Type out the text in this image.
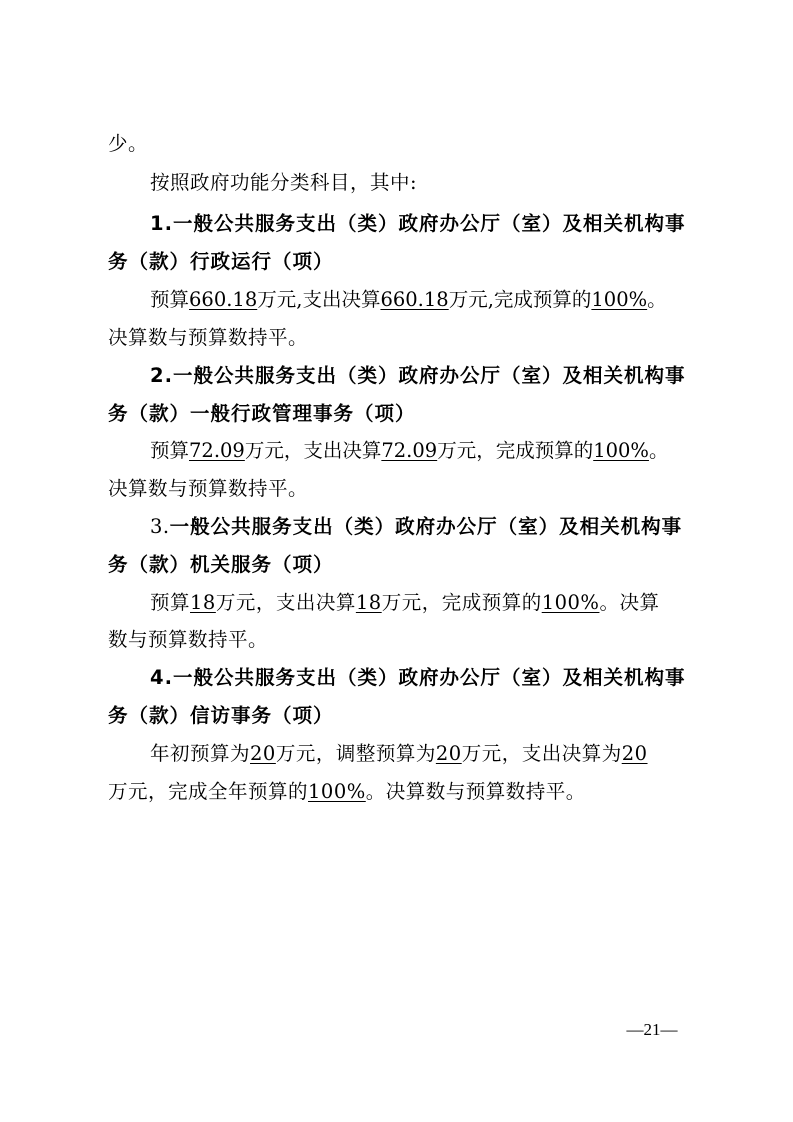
少。
按照政府功能分类科目，其中:
1.一般公共服务支出（类）政府办公厅（室）及相关机构事
务（款）行政运行（项）
预算660.18万元,支出决算660.18万元,完成预算的100%。
决算数与预算数持平。
2.一般公共服务支出（类）政府办公厅（室）及相关机构事
务（款）一般行政管理事务（项）
预算72.09万元，支出决算72.09万元，完成预算的100%。
决算数与预算数持平。
3.一般公共服务支出（类）政府办公厅（室）及相关机构事
务（款）机关服务（项）
预算18万元，支出决算18万元，完成预算的100%。决算
数与预算数持平。
4.一般公共服务支出（类）政府办公厅（室）及相关机构事
务（款）信访事务（项）
年初预算为20万元，调整预算为20万元，支出决算为20
万元，完成全年预算的100%。决算数与预算数持平。
—21—
